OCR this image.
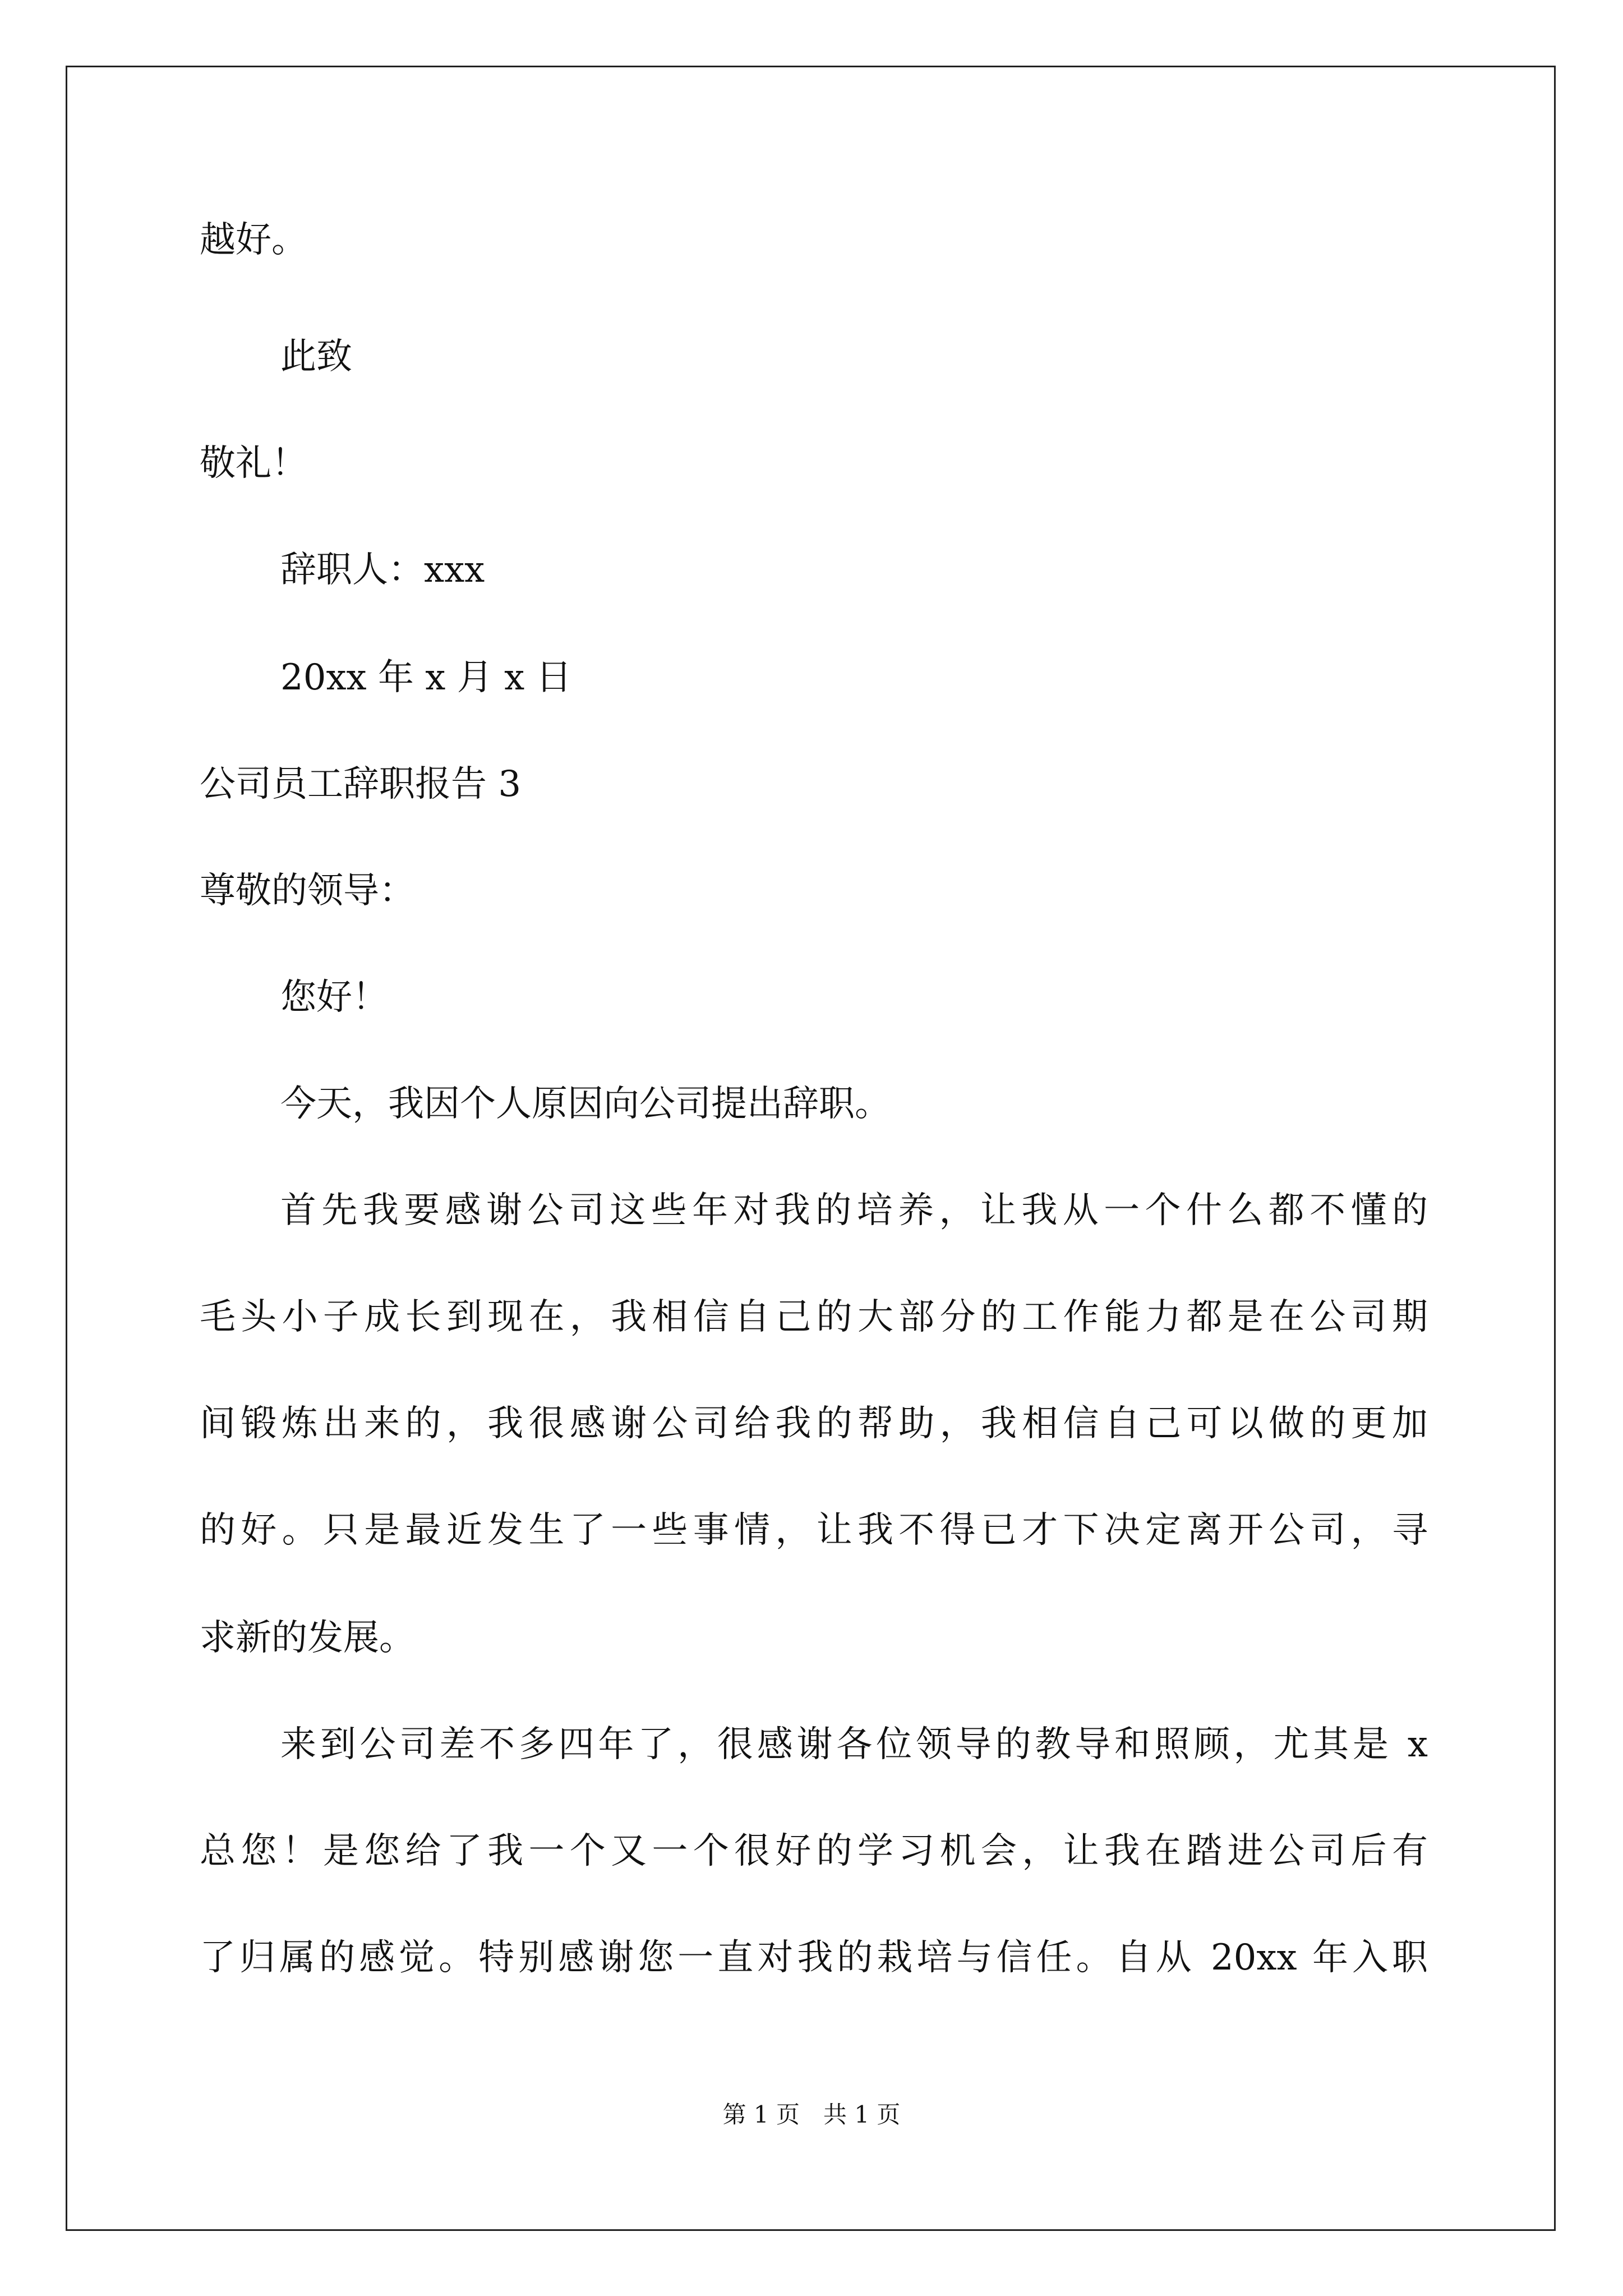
越好。
此致
敬礼！
辞职人：xxx
20xx 年 x 月 x 日
公司员工辞职报告 3
尊敬的领导：
您好！
今天，我因个人原因向公司提出辞职。
首先我要感谢公司这些年对我的培养，让我从一个什么都不懂的
毛头小子成长到现在，我相信自己的大部分的工作能力都是在公司期
间锻炼出来的，我很感谢公司给我的帮助，我相信自己可以做的更加
的好。只是最近发生了一些事情，让我不得已才下决定离开公司，寻
求新的发展。
来到公司差不多四年了，很感谢各位领导的教导和照顾，尤其是 x
总您！是您给了我一个又一个很好的学习机会，让我在踏进公司后有
了归属的感觉。特别感谢您一直对我的栽培与信任。自从 20xx 年入职
第 1 页　共 1 页
